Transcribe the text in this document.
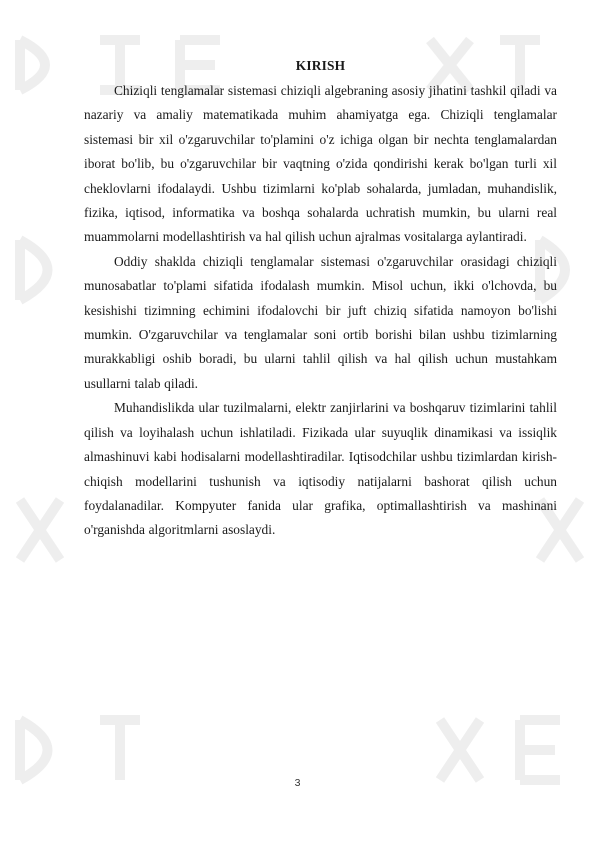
KIRISH

Chiziqli tenglamalar sistemasi chiziqli algebraning asosiy jihatini tashkil qiladi va nazariy va amaliy matematikada muhim ahamiyatga ega. Chiziqli tenglamalar sistemasi bir xil o'zgaruvchilar to'plamini o'z ichiga olgan bir nechta tenglamalardan iborat bo'lib, bu o'zgaruvchilar bir vaqtning o'zida qondirishi kerak bo'lgan turli xil cheklovlarni ifodalaydi. Ushbu tizimlarni ko'plab sohalarda, jumladan, muhandislik, fizika, iqtisod, informatika va boshqa sohalarda uchratish mumkin, bu ularni real muammolarni modellashtirish va hal qilish uchun ajralmas vositalarga aylantiradi.

Oddiy shaklda chiziqli tenglamalar sistemasi o'zgaruvchilar orasidagi chiziqli munosabatlar to'plami sifatida ifodalash mumkin. Misol uchun, ikki o'lchovda, bu kesishishi tizimning echimini ifodalovchi bir juft chiziq sifatida namoyon bo'lishi mumkin. O'zgaruvchilar va tenglamalar soni ortib borishi bilan ushbu tizimlarning murakkabligi oshib boradi, bu ularni tahlil qilish va hal qilish uchun mustahkam usullarni talab qiladi.

Muhandislikda ular tuzilmalarni, elektr zanjirlarini va boshqaruv tizimlarini tahlil qilish va loyihalash uchun ishlatiladi. Fizikada ular suyuqlik dinamikasi va issiqlik almashinuvi kabi hodisalarni modellashtiradilar. Iqtisodchilar ushbu tizimlardan kirish-chiqish modellarini tushunish va iqtisodiy natijalarni bashorat qilish uchun foydalanadilar. Kompyuter fanida ular grafika, optimallashtirish va mashinani o'rganishda algoritmlarni asoslaydi.

3
